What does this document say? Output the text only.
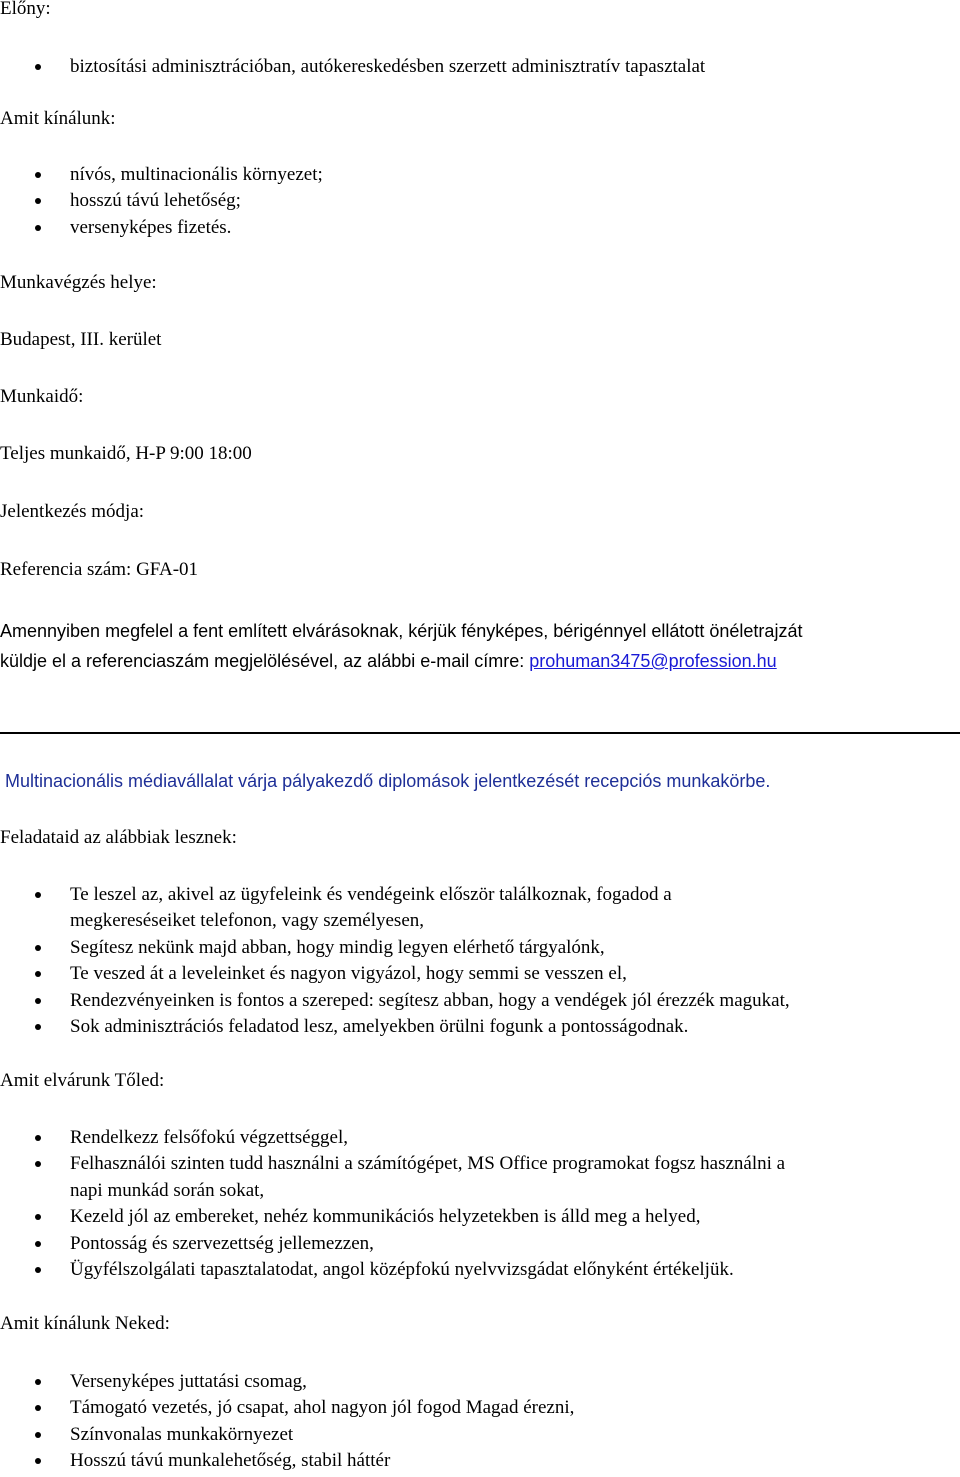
Előny:
biztosítási adminisztrációban, autókereskedésben szerzett adminisztratív tapasztalat
Amit kínálunk:
nívós, multinacionális környezet;
hosszú távú lehetőség;
versenyképes fizetés.
Munkavégzés helye:
Budapest, III. kerület
Munkaidő:
Teljes munkaidő, H-P 9:00 18:00
Jelentkezés módja:
Referencia szám: GFA-01
Amennyiben megfelel a fent említett elvárásoknak, kérjük fényképes, bérigénnyel ellátott önéletrajzát
küldje el a referenciaszám megjelölésével, az alábbi e-mail címre: prohuman3475@profession.hu
Multinacionális médiavállalat várja pályakezdő diplomások jelentkezését recepciós munkakörbe.
Feladataid az alábbiak lesznek:
Te leszel az, akivel az ügyfeleink és vendégeink először találkoznak, fogadod a
megkereséseiket telefonon, vagy személyesen,
Segítesz nekünk majd abban, hogy mindig legyen elérhető tárgyalónk,
Te veszed át a leveleinket és nagyon vigyázol, hogy semmi se vesszen el,
Rendezvényeinken is fontos a szereped: segítesz abban, hogy a vendégek jól érezzék magukat,
Sok adminisztrációs feladatod lesz, amelyekben örülni fogunk a pontosságodnak.
Amit elvárunk Tőled:
Rendelkezz felsőfokú végzettséggel,
Felhasználói szinten tudd használni a számítógépet, MS Office programokat fogsz használni a
napi munkád során sokat,
Kezeld jól az embereket, nehéz kommunikációs helyzetekben is álld meg a helyed,
Pontosság és szervezettség jellemezzen,
Ügyfélszolgálati tapasztalatodat, angol középfokú nyelvvizsgádat előnyként értékeljük.
Amit kínálunk Neked:
Versenyképes juttatási csomag,
Támogató vezetés, jó csapat, ahol nagyon jól fogod Magad érezni,
Színvonalas munkakörnyezet
Hosszú távú munkalehetőség, stabil háttér
